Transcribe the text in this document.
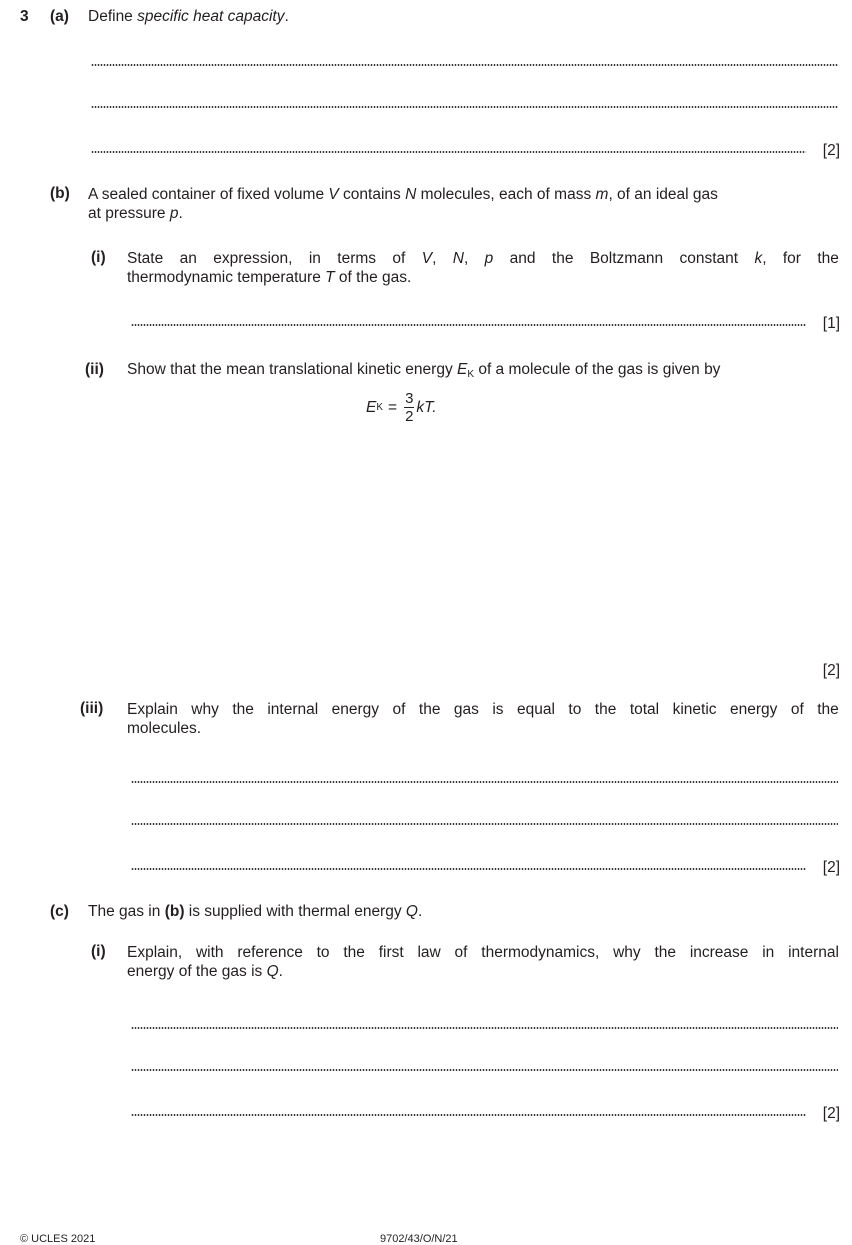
3 (a) Define specific heat capacity.
[2]
(b) A sealed container of fixed volume V contains N molecules, each of mass m, of an ideal gas
at pressure p.
(i) State an expression, in terms of V, N, p and the Boltzmann constant k, for the
thermodynamic temperature T of the gas.
[1]
(ii) Show that the mean translational kinetic energy $E_K$ of a molecule of the gas is given by
E $K = \frac{3}{2}$ kT.
[2]
(iii) Explain why the internal energy of the gas is equal to the total kinetic energy of the
molecules.
[2]
(c) The gas in (b) is supplied with thermal energy Q.
(i) Explain, with reference to the first law of thermodynamics, why the increase in internal
energy of the gas is Q.
[2]
© UCLES 2021	9702/43/O/N/21
